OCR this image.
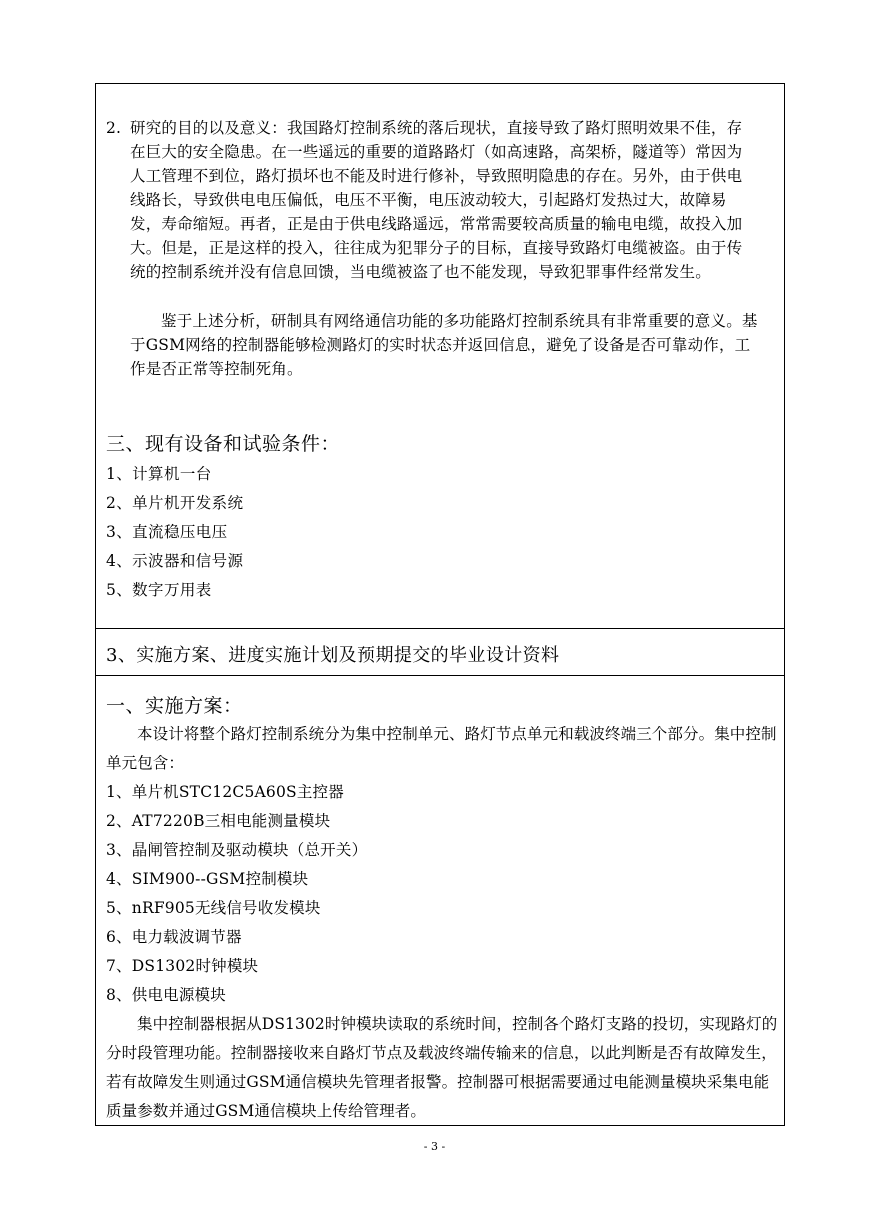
2. 研究的目的以及意义：我国路灯控制系统的落后现状，直接导致了路灯照明效果不佳，存在巨大的安全隐患。在一些遥远的重要的道路路灯（如高速路，高架桥，隧道等）常因为人工管理不到位，路灯损坏也不能及时进行修补，导致照明隐患的存在。另外，由于供电线路长，导致供电电压偏低，电压不平衡，电压波动较大，引起路灯发热过大，故障易发，寿命缩短。再者，正是由于供电线路遥远，常常需要较高质量的输电电缆，故投入加大。但是，正是这样的投入，往往成为犯罪分子的目标，直接导致路灯电缆被盗。由于传统的控制系统并没有信息回馈，当电缆被盗了也不能发现，导致犯罪事件经常发生。
鉴于上述分析，研制具有网络通信功能的多功能路灯控制系统具有非常重要的意义。基于GSM网络的控制器能够检测路灯的实时状态并返回信息，避免了设备是否可靠动作，工作是否正常等控制死角。
三、现有设备和试验条件：
1、计算机一台
2、单片机开发系统
3、直流稳压电压
4、示波器和信号源
5、数字万用表
3、实施方案、进度实施计划及预期提交的毕业设计资料
一、实施方案：
本设计将整个路灯控制系统分为集中控制单元、路灯节点单元和载波终端三个部分。集中控制单元包含：
1、单片机STC12C5A60S主控器
2、AT7220B三相电能测量模块
3、晶闸管控制及驱动模块（总开关）
4、SIM900--GSM控制模块
5、nRF905无线信号收发模块
6、电力载波调节器
7、DS1302时钟模块
8、供电电源模块
集中控制器根据从DS1302时钟模块读取的系统时间，控制各个路灯支路的投切，实现路灯的分时段管理功能。控制器接收来自路灯节点及载波终端传输来的信息，以此判断是否有故障发生，若有故障发生则通过GSM通信模块先管理者报警。控制器可根据需要通过电能测量模块采集电能质量参数并通过GSM通信模块上传给管理者。
- 3 -
